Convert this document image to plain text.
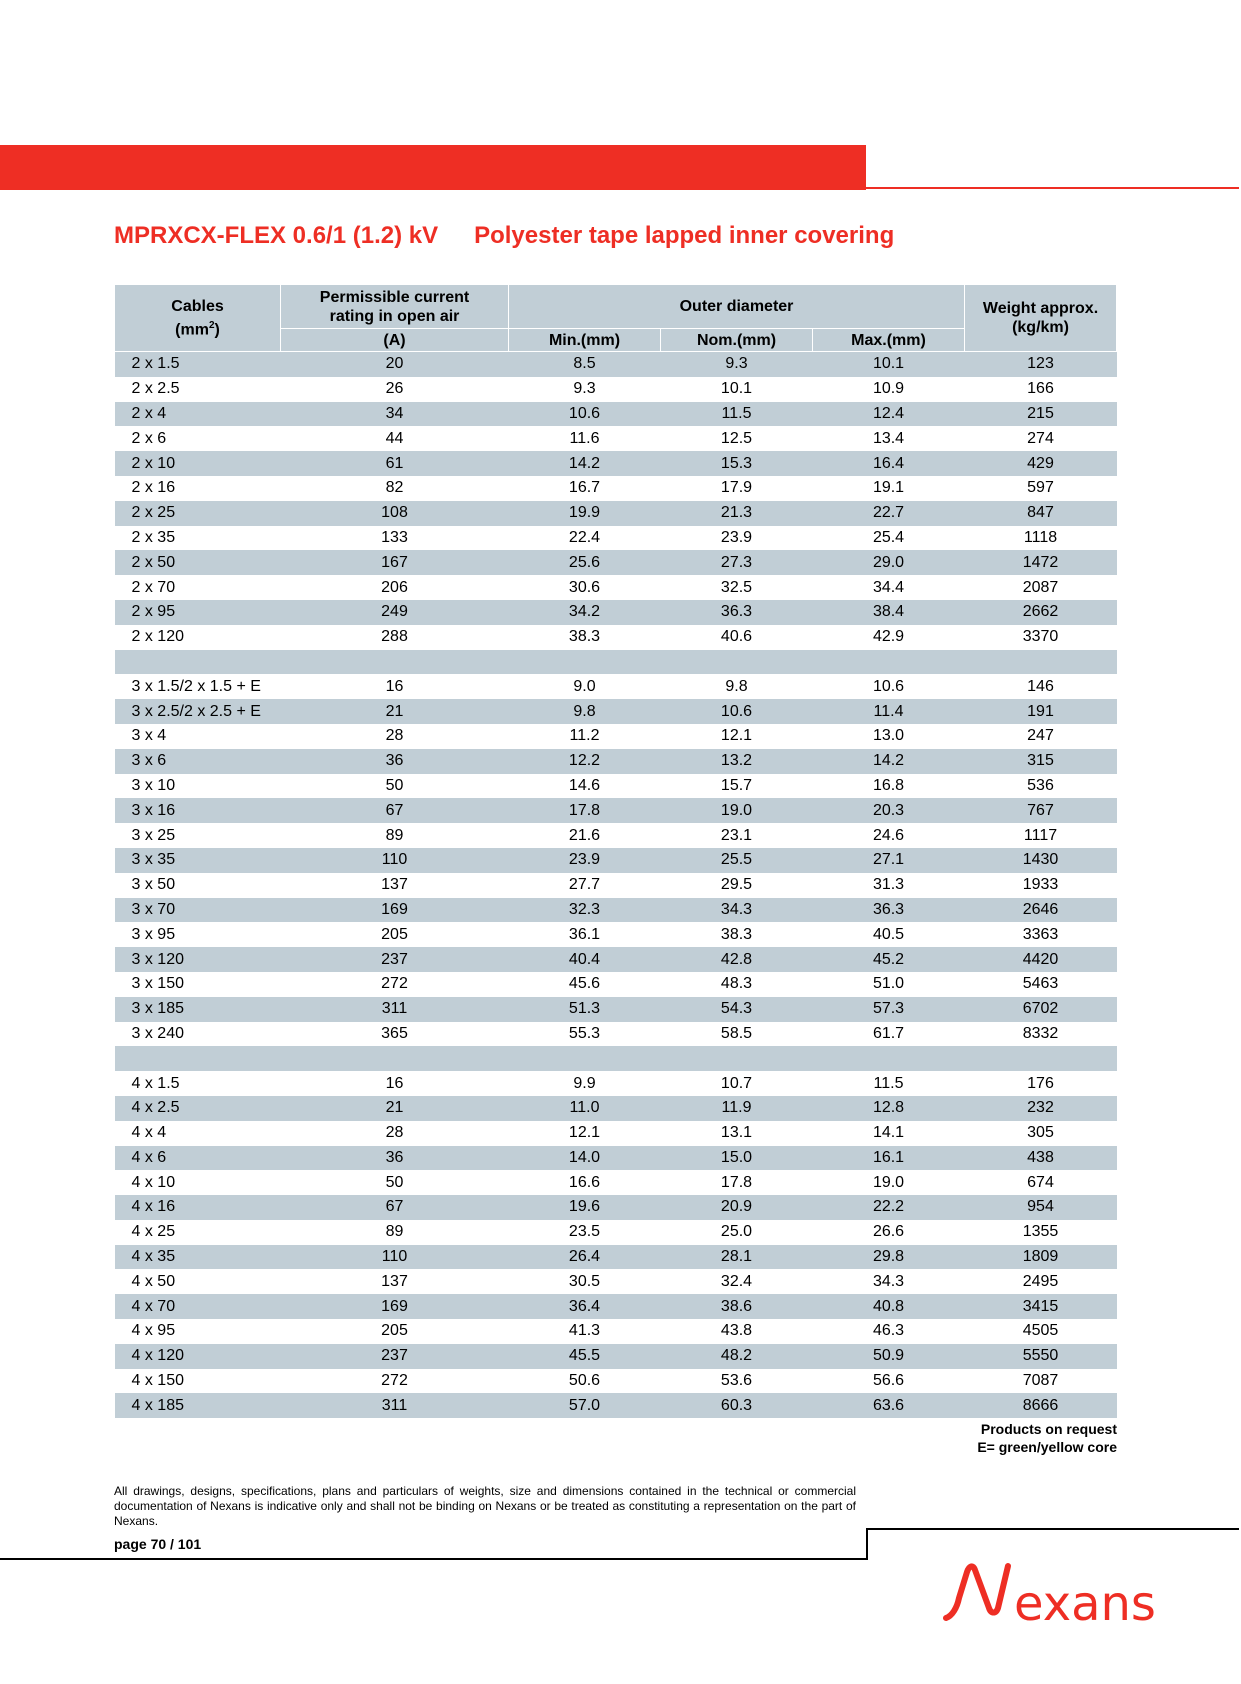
MPRXCX-FLEX 0.6/1 (1.2) kV Polyester tape lapped inner covering
Cables
$(mm^2)$	Permissible current rating in open air	Outer diameter			Weight approx.
(kg/km)
	(A)	Min.(mm)	Nom.(mm)	Max.(mm)	
2 x 1.5	20	8.5	9.3	10.1	123
2 x 2.5	26	9.3	10.1	10.9	166
2 x 4	34	10.6	11.5	12.4	215
2 x 6	44	11.6	12.5	13.4	274
2 x 10	61	14.2	15.3	16.4	429
2 x 16	82	16.7	17.9	19.1	597
2 x 25	108	19.9	21.3	22.7	847
2 x 35	133	22.4	23.9	25.4	1118
2 x 50	167	25.6	27.3	29.0	1472
2 x 70	206	30.6	32.5	34.4	2087
2 x 95	249	34.2	36.3	38.4	2662
2 x 120	288	38.3	40.6	42.9	3370

3 x 1.5/2 x 1.5 + E	16	9.0	9.8	10.6	146
3 x 2.5/2 x 2.5 + E	21	9.8	10.6	11.4	191
3 x 4	28	11.2	12.1	13.0	247
3 x 6	36	12.2	13.2	14.2	315
3 x 10	50	14.6	15.7	16.8	536
3 x 16	67	17.8	19.0	20.3	767
3 x 25	89	21.6	23.1	24.6	1117
3 x 35	110	23.9	25.5	27.1	1430
3 x 50	137	27.7	29.5	31.3	1933
3 x 70	169	32.3	34.3	36.3	2646
3 x 95	205	36.1	38.3	40.5	3363
3 x 120	237	40.4	42.8	45.2	4420
3 x 150	272	45.6	48.3	51.0	5463
3 x 185	311	51.3	54.3	57.3	6702
3 x 240	365	55.3	58.5	61.7	8332

4 x 1.5	16	9.9	10.7	11.5	176
4 x 2.5	21	11.0	11.9	12.8	232
4 x 4	28	12.1	13.1	14.1	305
4 x 6	36	14.0	15.0	16.1	438
4 x 10	50	16.6	17.8	19.0	674
4 x 16	67	19.6	20.9	22.2	954
4 x 25	89	23.5	25.0	26.6	1355
4 x 35	110	26.4	28.1	29.8	1809
4 x 50	137	30.5	32.4	34.3	2495
4 x 70	169	36.4	38.6	40.8	3415
4 x 95	205	41.3	43.8	46.3	4505
4 x 120	237	45.5	48.2	50.9	5550
4 x 150	272	50.6	53.6	56.6	7087
4 x 185	311	57.0	60.3	63.6	8666
Products on request
E= green/yellow core
All drawings, designs, specifications, plans and particulars of weights, size and dimensions contained in the technical or commercial documentation of Nexans is indicative only and shall not be binding on Nexans or be treated as constituting a representation on the part of Nexans.
page 70 / 101
exans
